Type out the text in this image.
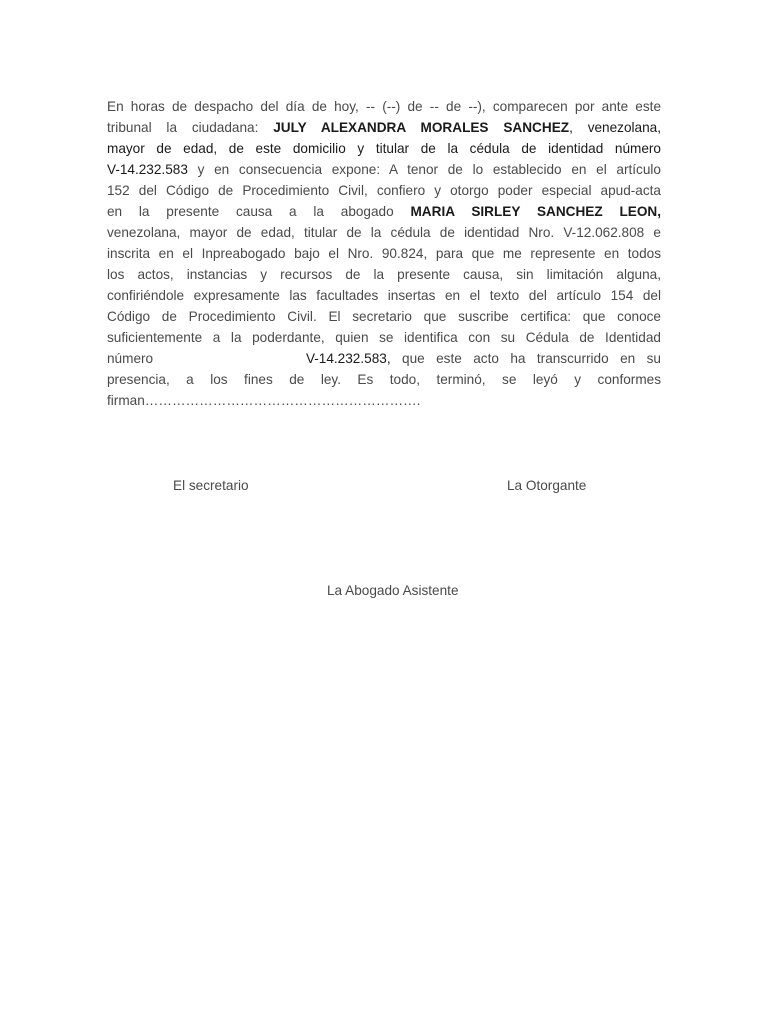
En horas de despacho del día de hoy, -- (--) de -- de --), comparecen por ante este
tribunal la ciudadana: JULY ALEXANDRA MORALES SANCHEZ, venezolana,
mayor de edad, de este domicilio y titular de la cédula de identidad número
V-14.232.583 y en consecuencia expone: A tenor de lo establecido en el artículo
152 del Código de Procedimiento Civil, confiero y otorgo poder especial apud-acta
en la presente causa a la abogado MARIA SIRLEY SANCHEZ LEON,
venezolana, mayor de edad, titular de la cédula de identidad Nro. V-12.062.808 e
inscrita en el Inpreabogado bajo el Nro. 90.824, para que me represente en todos
los actos, instancias y recursos de la presente causa, sin limitación alguna,
confiriéndole expresamente las facultades insertas en el texto del artículo 154 del
Código de Procedimiento Civil. El secretario que suscribe certifica: que conoce
suficientemente a la poderdante, quien se identifica con su Cédula de Identidad
número	V-14.232.583, que este acto ha transcurrido en su
presencia, a los fines de ley. Es todo, terminó, se leyó y conformes
firman…………………………………………………….
El secretario	La Otorgante
La Abogado Asistente
